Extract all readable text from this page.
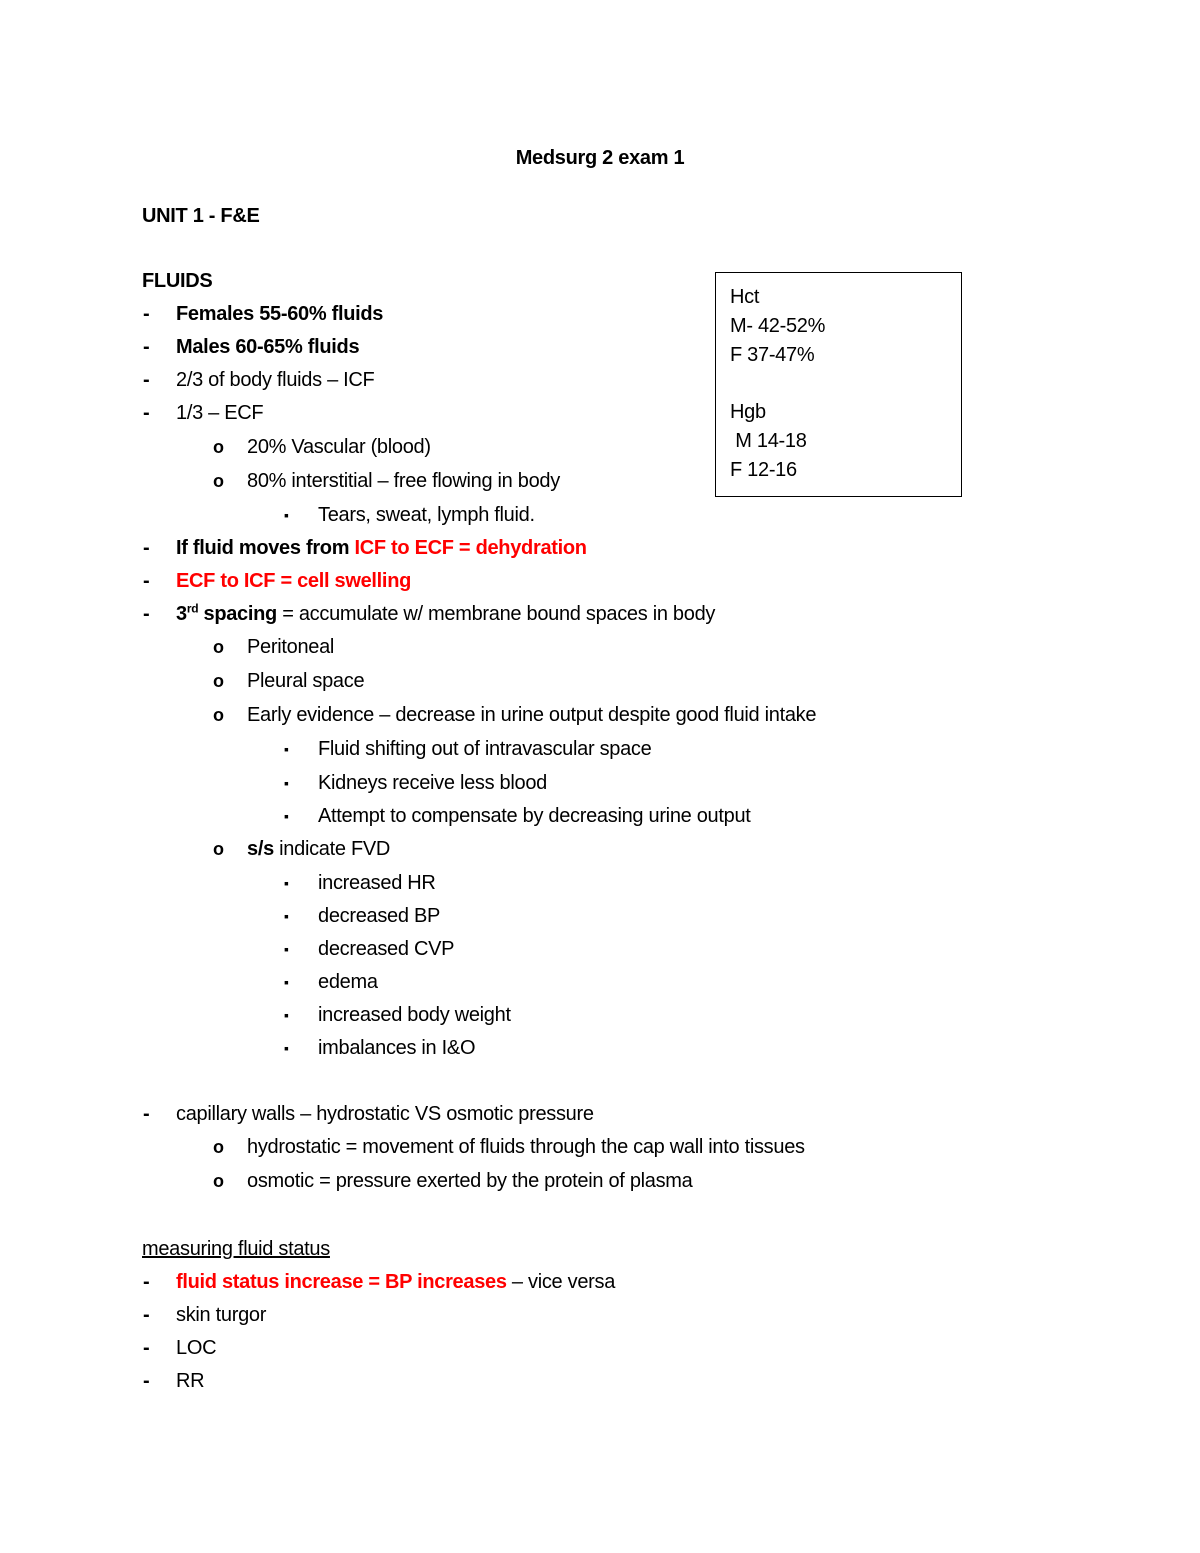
Medsurg 2 exam 1
UNIT 1 - F&E
FLUIDS
- Females 55-60% fluids
- Males 60-65% fluids
- 2/3 of body fluids – ICF
- 1/3 – ECF
o 20% Vascular (blood)
o 80% interstitial – free flowing in body
▪ Tears, sweat, lymph fluid.
- If fluid moves from ICF to ECF = dehydration
- ECF to ICF = cell swelling
- 3rd spacing = accumulate w/ membrane bound spaces in body
o Peritoneal
o Pleural space
o Early evidence – decrease in urine output despite good fluid intake
▪ Fluid shifting out of intravascular space
▪ Kidneys receive less blood
▪ Attempt to compensate by decreasing urine output
o s/s indicate FVD
▪ increased HR
▪ decreased BP
▪ decreased CVP
▪ edema
▪ increased body weight
▪ imbalances in I&O
- capillary walls – hydrostatic VS osmotic pressure
o hydrostatic = movement of fluids through the cap wall into tissues
o osmotic = pressure exerted by the protein of plasma
measuring fluid status
- fluid status increase = BP increases – vice versa
- skin turgor
- LOC
- RR
Hct
M- 42-52%
F 37-47%
Hgb
M 14-18
F 12-16
